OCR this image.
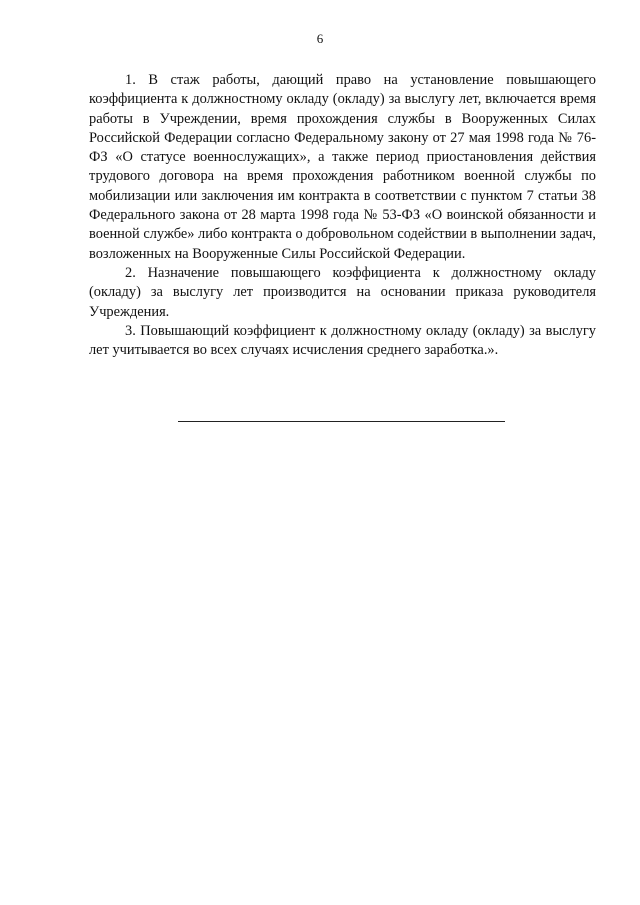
6

1. В стаж работы, дающий право на установление повышающего коэффициента к должностному окладу (окладу) за выслугу лет, включается время работы в Учреждении, время прохождения службы в Вооруженных Силах Российской Федерации согласно Федеральному закону от 27 мая 1998 года № 76-ФЗ «О статусе военнослужащих», а также период приостановления действия трудового договора на время прохождения работником военной службы по мобилизации или заключения им контракта в соответствии с пунктом 7 статьи 38 Федерального закона от 28 марта 1998 года № 53-ФЗ «О воинской обязанности и военной службе» либо контракта о добровольном содействии в выполнении задач, возложенных на Вооруженные Силы Российской Федерации.

2. Назначение повышающего коэффициента к должностному окладу (окладу) за выслугу лет производится на основании приказа руководителя Учреждения.

3. Повышающий коэффициент к должностному окладу (окладу) за выслугу лет учитывается во всех случаях исчисления среднего заработка.».
